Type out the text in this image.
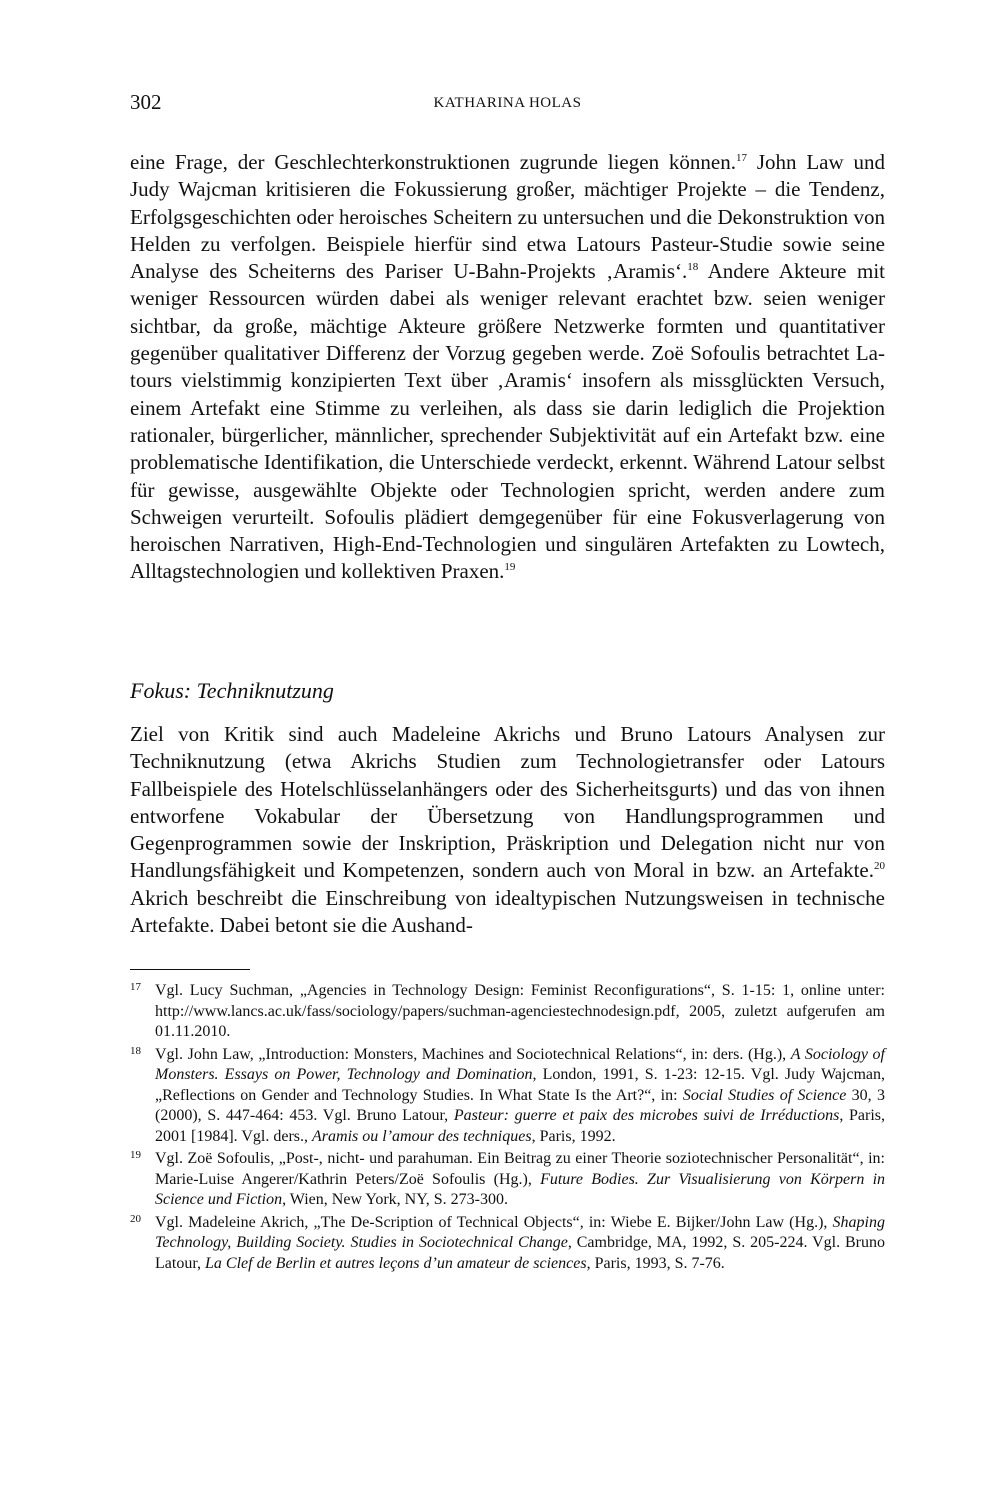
302	KATHARINA HOLAS
eine Frage, der Geschlechterkonstruktionen zugrunde liegen können.$^{17}$ John Law und Judy Wajcman kritisieren die Fokussierung großer, mächtiger Projekte – die Tendenz, Erfolgsgeschichten oder heroisches Scheitern zu untersuchen und die Dekonstruktion von Helden zu verfolgen. Beispiele hierfür sind etwa Latours Pasteur-Studie sowie seine Analyse des Scheiterns des Pariser U-Bahn-Projekts ‚Aramis‘.$^{18}$ Andere Akteure mit weniger Ressourcen würden dabei als weniger relevant erachtet bzw. seien weniger sichtbar, da große, mächtige Akteure größere Netzwerke formten und quantitativer gegenüber qualitativer Differenz der Vorzug gegeben werde. Zoë Sofoulis betrachtet Latours vielstimmig konzipierten Text über ‚Aramis‘ insofern als missglückten Versuch, einem Artefakt eine Stimme zu verleihen, als dass sie darin lediglich die Projektion rationaler, bürgerlicher, männlicher, sprechender Subjektivität auf ein Artefakt bzw. eine problematische Identifikation, die Unterschiede verdeckt, erkennt. Während Latour selbst für gewisse, ausgewählte Objekte oder Technologien spricht, werden andere zum Schweigen verurteilt. Sofoulis plädiert demgegenüber für eine Fokusverlagerung von heroischen Narrativen, High-End-Technologien und singulären Artefakten zu Lowtech, Alltagstechnologien und kollektiven Praxen.$^{19}$
Fokus: Techniknutzung
Ziel von Kritik sind auch Madeleine Akrichs und Bruno Latours Analysen zur Techniknutzung (etwa Akrichs Studien zum Technologietransfer oder Latours Fallbeispiele des Hotelschlüsselanhängers oder des Sicherheitsgurts) und das von ihnen entworfene Vokabular der Übersetzung von Handlungsprogrammen und Gegenprogrammen sowie der Inskription, Präskription und Delegation nicht nur von Handlungsfähigkeit und Kompetenzen, sondern auch von Moral in bzw. an Artefakte.$^{20}$ Akrich beschreibt die Einschreibung von idealtypischen Nutzungsweisen in technische Artefakte. Dabei betont sie die Aushand-
17 Vgl. Lucy Suchman, „Agencies in Technology Design: Feminist Reconfigurations“, S. 1-15: 1, online unter: http://www.lancs.ac.uk/fass/sociology/papers/suchman-agenciestechnodesign.pdf, 2005, zuletzt aufgerufen am 01.11.2010.
18 Vgl. John Law, „Introduction: Monsters, Machines and Sociotechnical Relations“, in: ders. (Hg.), A Sociology of Monsters. Essays on Power, Technology and Domination, London, 1991, S. 1-23: 12-15. Vgl. Judy Wajcman, „Reflections on Gender and Technology Studies. In What State Is the Art?“, in: Social Studies of Science 30, 3 (2000), S. 447-464: 453. Vgl. Bruno Latour, Pasteur: guerre et paix des microbes suivi de Irréductions, Paris, 2001 [1984]. Vgl. ders., Aramis ou l’amour des techniques, Paris, 1992.
19 Vgl. Zoë Sofoulis, „Post-, nicht- und parahuman. Ein Beitrag zu einer Theorie soziotechnischer Personalität“, in: Marie-Luise Angerer/Kathrin Peters/Zoë Sofoulis (Hg.), Future Bodies. Zur Visualisierung von Körpern in Science und Fiction, Wien, New York, NY, S. 273-300.
20 Vgl. Madeleine Akrich, „The De-Scription of Technical Objects“, in: Wiebe E. Bijker/John Law (Hg.), Shaping Technology, Building Society. Studies in Sociotechnical Change, Cambridge, MA, 1992, S. 205-224. Vgl. Bruno Latour, La Clef de Berlin et autres leçons d’un amateur de sciences, Paris, 1993, S. 7-76.
